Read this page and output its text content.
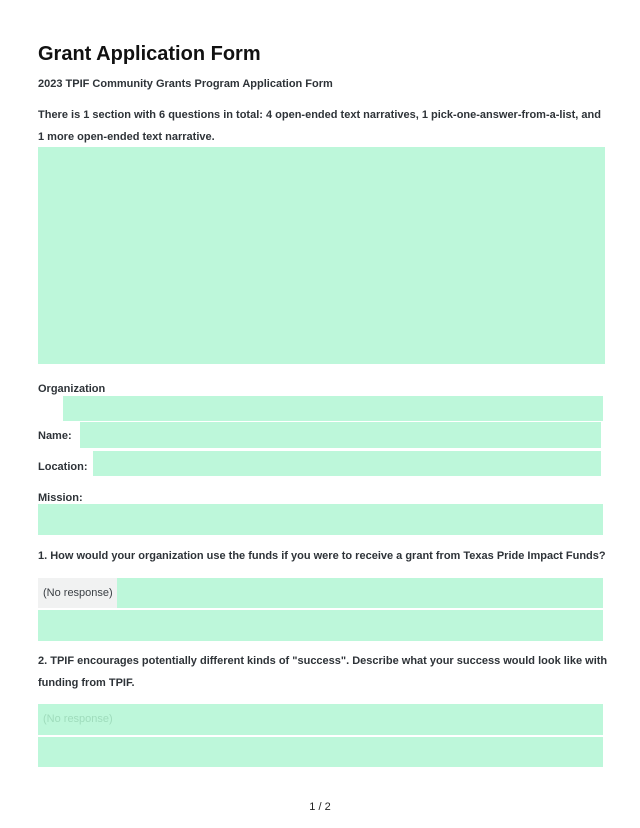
Grant Application Form
2023 TPIF Community Grants Program Application Form
There is 1 section with 6 questions in total: 4 open-ended text narratives, 1 pick-one-answer-from-a-list, and 1 more open-ended text narrative.
Organization
Name:
Location:
Mission:
1. How would your organization use the funds if you were to receive a grant from Texas Pride Impact Funds?
(No response)
2. TPIF encourages potentially different kinds of "success". Describe what your success would look like with funding from TPIF.
(No response)
1 / 2
